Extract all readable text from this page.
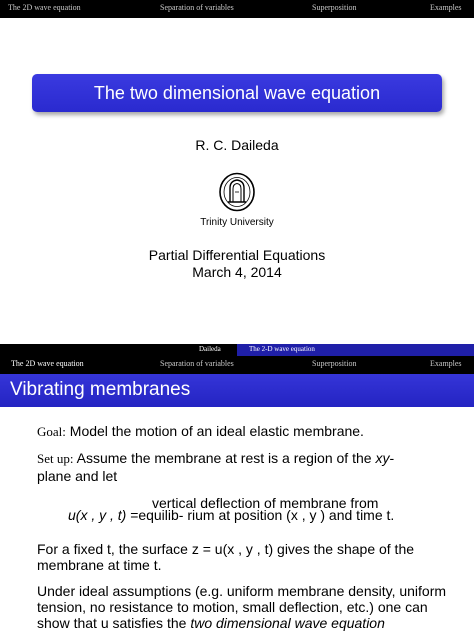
The 2D wave equation	Separation of variables	Superposition	Examples
The two dimensional wave equation
R. C. Daileda
Trinity University
Partial Differential Equations
March 4, 2014
Daileda	The 2-D wave equation
The 2D wave equation	Separation of variables	Superposition	Examples
Vibrating membranes
Goal: Model the motion of an ideal elastic membrane.
Set up: Assume the membrane at rest is a region of the xy-
plane and let
vertical deflection of membrane from
u(x , y , t) = equilib- rium at position (x , y ) and time t.
For a fixed t, the surface z = u(x , y , t) gives the shape of the
membrane at time t.
Under ideal assumptions (e.g. uniform membrane density, uniform
tension, no resistance to motion, small deflection, etc.) one can
show that u satisfies the two dimensional wave equation
